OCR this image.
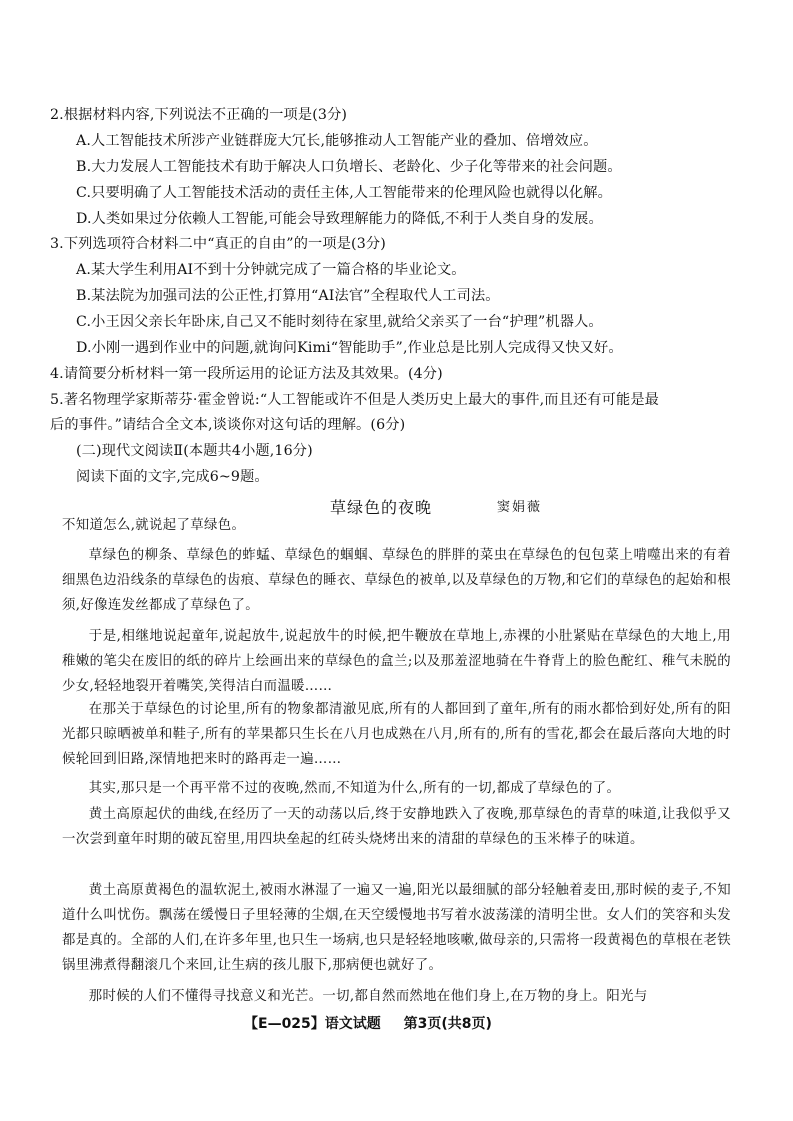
2.根据材料内容,下列说法不正确的一项是(3分)
A.人工智能技术所涉产业链群庞大冗长,能够推动人工智能产业的叠加、倍增效应。
B.大力发展人工智能技术有助于解决人口负增长、老龄化、少子化等带来的社会问题。
C.只要明确了人工智能技术活动的责任主体,人工智能带来的伦理风险也就得以化解。
D.人类如果过分依赖人工智能,可能会导致理解能力的降低,不利于人类自身的发展。
3.下列选项符合材料二中“真正的自由”的一项是(3分)
A.某大学生利用AI不到十分钟就完成了一篇合格的毕业论文。
B.某法院为加强司法的公正性,打算用“AI法官”全程取代人工司法。
C.小王因父亲长年卧床,自己又不能时刻待在家里,就给父亲买了一台“护理”机器人。
D.小刚一遇到作业中的问题,就询问Kimi“智能助手”,作业总是比别人完成得又快又好。
4.请简要分析材料一第一段所运用的论证方法及其效果。(4分)
5.著名物理学家斯蒂芬·霍金曾说:“人工智能或许不但是人类历史上最大的事件,而且还有可能是最
后的事件。”请结合全文本,谈谈你对这句话的理解。(6分)
(二)现代文阅读Ⅱ(本题共4小题,16分)
阅读下面的文字,完成6~9题。
草绿色的夜晚	窦娟薇
不知道怎么,就说起了草绿色。
草绿色的柳条、草绿色的蚱蜢、草绿色的蝈蝈、草绿色的胖胖的菜虫在草绿色的包包菜上啃噬出来的有着细黑色边沿线条的草绿色的齿痕、草绿色的睡衣、草绿色的被单,以及草绿色的万物,和它们的草绿色的起始和根须,好像连发丝都成了草绿色了。
于是,相继地说起童年,说起放牛,说起放牛的时候,把牛鞭放在草地上,赤裸的小肚紧贴在草绿色的大地上,用稚嫩的笔尖在废旧的纸的碎片上绘画出来的草绿色的盒兰;以及那羞涩地骑在牛脊背上的脸色酡红、稚气未脱的少女,轻轻地裂开着嘴笑,笑得洁白而温暖……
在那关于草绿色的讨论里,所有的物象都清澈见底,所有的人都回到了童年,所有的雨水都恰到好处,所有的阳光都只晾晒被单和鞋子,所有的苹果都只生长在八月也成熟在八月,所有的,所有的雪花,都会在最后落向大地的时候轮回到旧路,深情地把来时的路再走一遍……
其实,那只是一个再平常不过的夜晚,然而,不知道为什么,所有的一切,都成了草绿色的了。
黄土高原起伏的曲线,在经历了一天的动荡以后,终于安静地跌入了夜晚,那草绿色的青草的味道,让我似乎又一次尝到童年时期的破瓦窑里,用四块垒起的红砖头烧烤出来的清甜的草绿色的玉米棒子的味道。
黄土高原黄褐色的温软泥土,被雨水淋湿了一遍又一遍,阳光以最细腻的部分轻触着麦田,那时候的麦子,不知道什么叫忧伤。飘荡在缓慢日子里轻薄的尘烟,在天空缓慢地书写着水波荡漾的清明尘世。女人们的笑容和头发都是真的。全部的人们,在许多年里,也只生一场病,也只是轻轻地咳嗽,做母亲的,只需将一段黄褐色的草根在老铁锅里沸煮得翻滚几个来回,让生病的孩儿服下,那病便也就好了。
那时候的人们不懂得寻找意义和光芒。一切,都自然而然地在他们身上,在万物的身上。阳光与
【E—025】语文试题 第3页(共8页)
